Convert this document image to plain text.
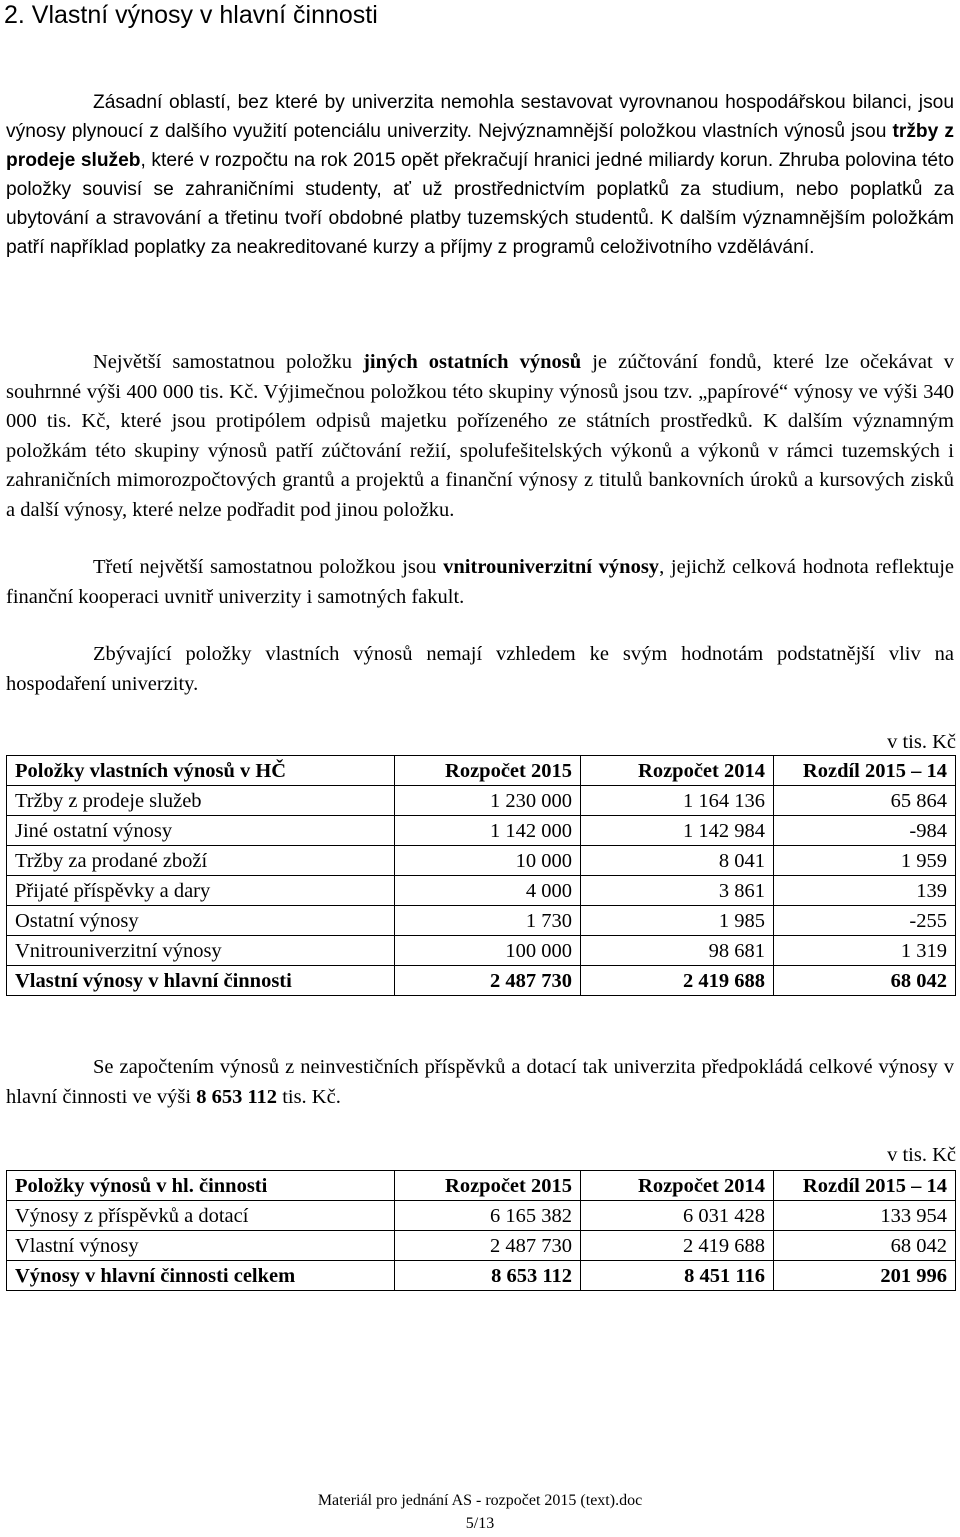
2. Vlastní výnosy v hlavní činnosti

Zásadní oblastí, bez které by univerzita nemohla sestavovat vyrovnanou hospodářskou bilanci, jsou výnosy plynoucí z dalšího využití potenciálu univerzity. Nejvýznamnější položkou vlastních výnosů jsou tržby z prodeje služeb, které v rozpočtu na rok 2015 opět překračují hranici jedné miliardy korun. Zhruba polovina této položky souvisí se zahraničními studenty, ať už prostřednictvím poplatků za studium, nebo poplatků za ubytování a stravování a třetinu tvoří obdobné platby tuzemských studentů. K dalším významnějším položkám patří například poplatky za neakreditované kurzy a příjmy z programů celoživotního vzdělávání.

Největší samostatnou položku jiných ostatních výnosů je zúčtování fondů, které lze očekávat v souhrnné výši 400 000 tis. Kč. Výjimečnou položkou této skupiny výnosů jsou tzv. „papírové“ výnosy ve výši 340 000 tis. Kč, které jsou protipólem odpisů majetku pořízeného ze státních prostředků. K dalším významným položkám této skupiny výnosů patří zúčtování režií, spolufešitelských výkonů a výkonů v rámci tuzemských i zahraničních mimorozpočtových grantů a projektů a finanční výnosy z titulů bankovních úroků a kursových zisků a další výnosy, které nelze podřadit pod jinou položku.

Třetí největší samostatnou položkou jsou vnitrouniverzitní výnosy, jejichž celková hodnota reflektuje finanční kooperaci uvnitř univerzity i samotných fakult.

Zbývající položky vlastních výnosů nemají vzhledem ke svým hodnotám podstatnější vliv na hospodaření univerzity.

v tis. Kč
Položky vlastních výnosů v HČ	Rozpočet 2015	Rozpočet 2014	Rozdíl 2015 – 14
Tržby z prodeje služeb	1 230 000	1 164 136	65 864
Jiné ostatní výnosy	1 142 000	1 142 984	-984
Tržby za prodané zboží	10 000	8 041	1 959
Přijaté příspěvky a dary	4 000	3 861	139
Ostatní výnosy	1 730	1 985	-255
Vnitrouniverzitní výnosy	100 000	98 681	1 319
Vlastní výnosy v hlavní činnosti	2 487 730	2 419 688	68 042

Se započtením výnosů z neinvestičních příspěvků a dotací tak univerzita předpokládá celkové výnosy v hlavní činnosti ve výši 8 653 112 tis. Kč.

v tis. Kč
Položky výnosů v hl. činnosti	Rozpočet 2015	Rozpočet 2014	Rozdíl 2015 – 14
Výnosy z příspěvků a dotací	6 165 382	6 031 428	133 954
Vlastní výnosy	2 487 730	2 419 688	68 042
Výnosy v hlavní činnosti celkem	8 653 112	8 451 116	201 996
Materiál pro jednání AS - rozpočet 2015 (text).doc
5/13
